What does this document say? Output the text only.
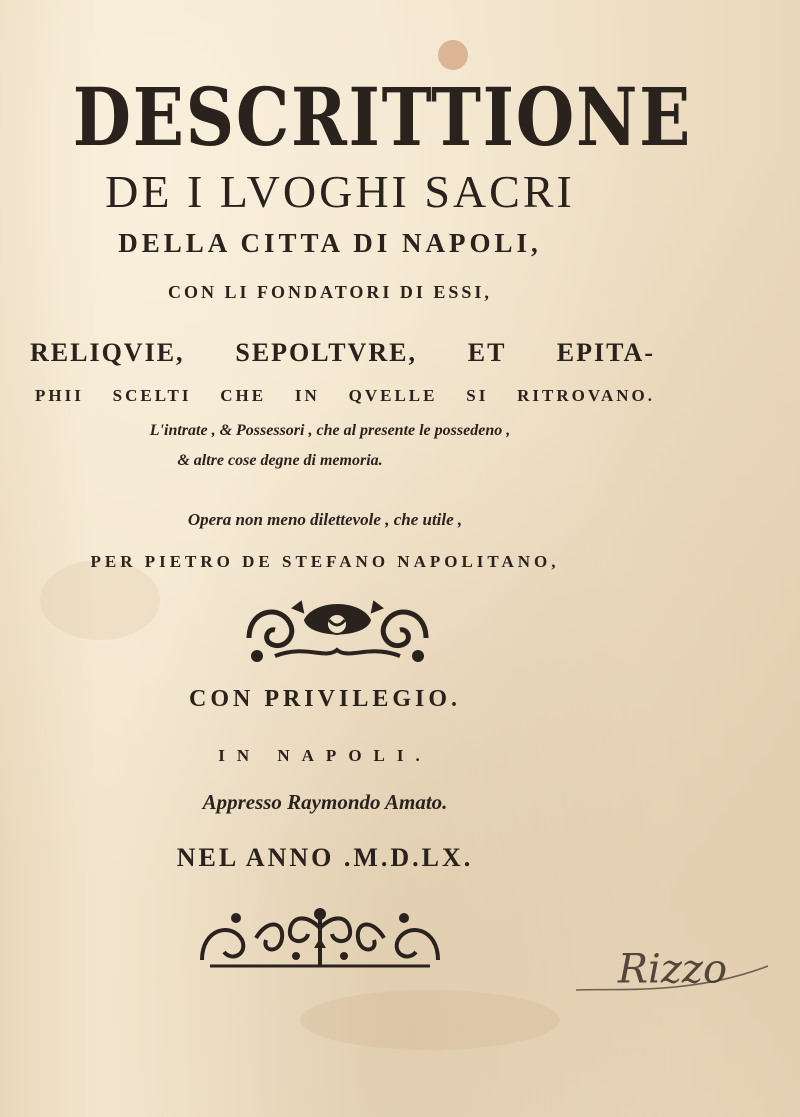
DESCRITTIONE
DE I LVOGHI SACRI
DELLA CITTA DI NAPOLI,
CON LI FONDATORI DI ESSI,
RELIQVIE, SEPOLTVRE, ET EPITA-
PHII SCELTI CHE IN QVELLE SI RITROVANO.
L'intrate , & Possessori , che al presente le possedeno ,
& altre cose degne di memoria.
Opera non meno dilettevole , che utile ,
PER PIETRO DE STEFANO NAPOLITANO,
CON PRIVILEGIO.
IN NAPOLI.
Appresso Raymondo Amato.
NEL ANNO .M.D.LX.
Rizzo
